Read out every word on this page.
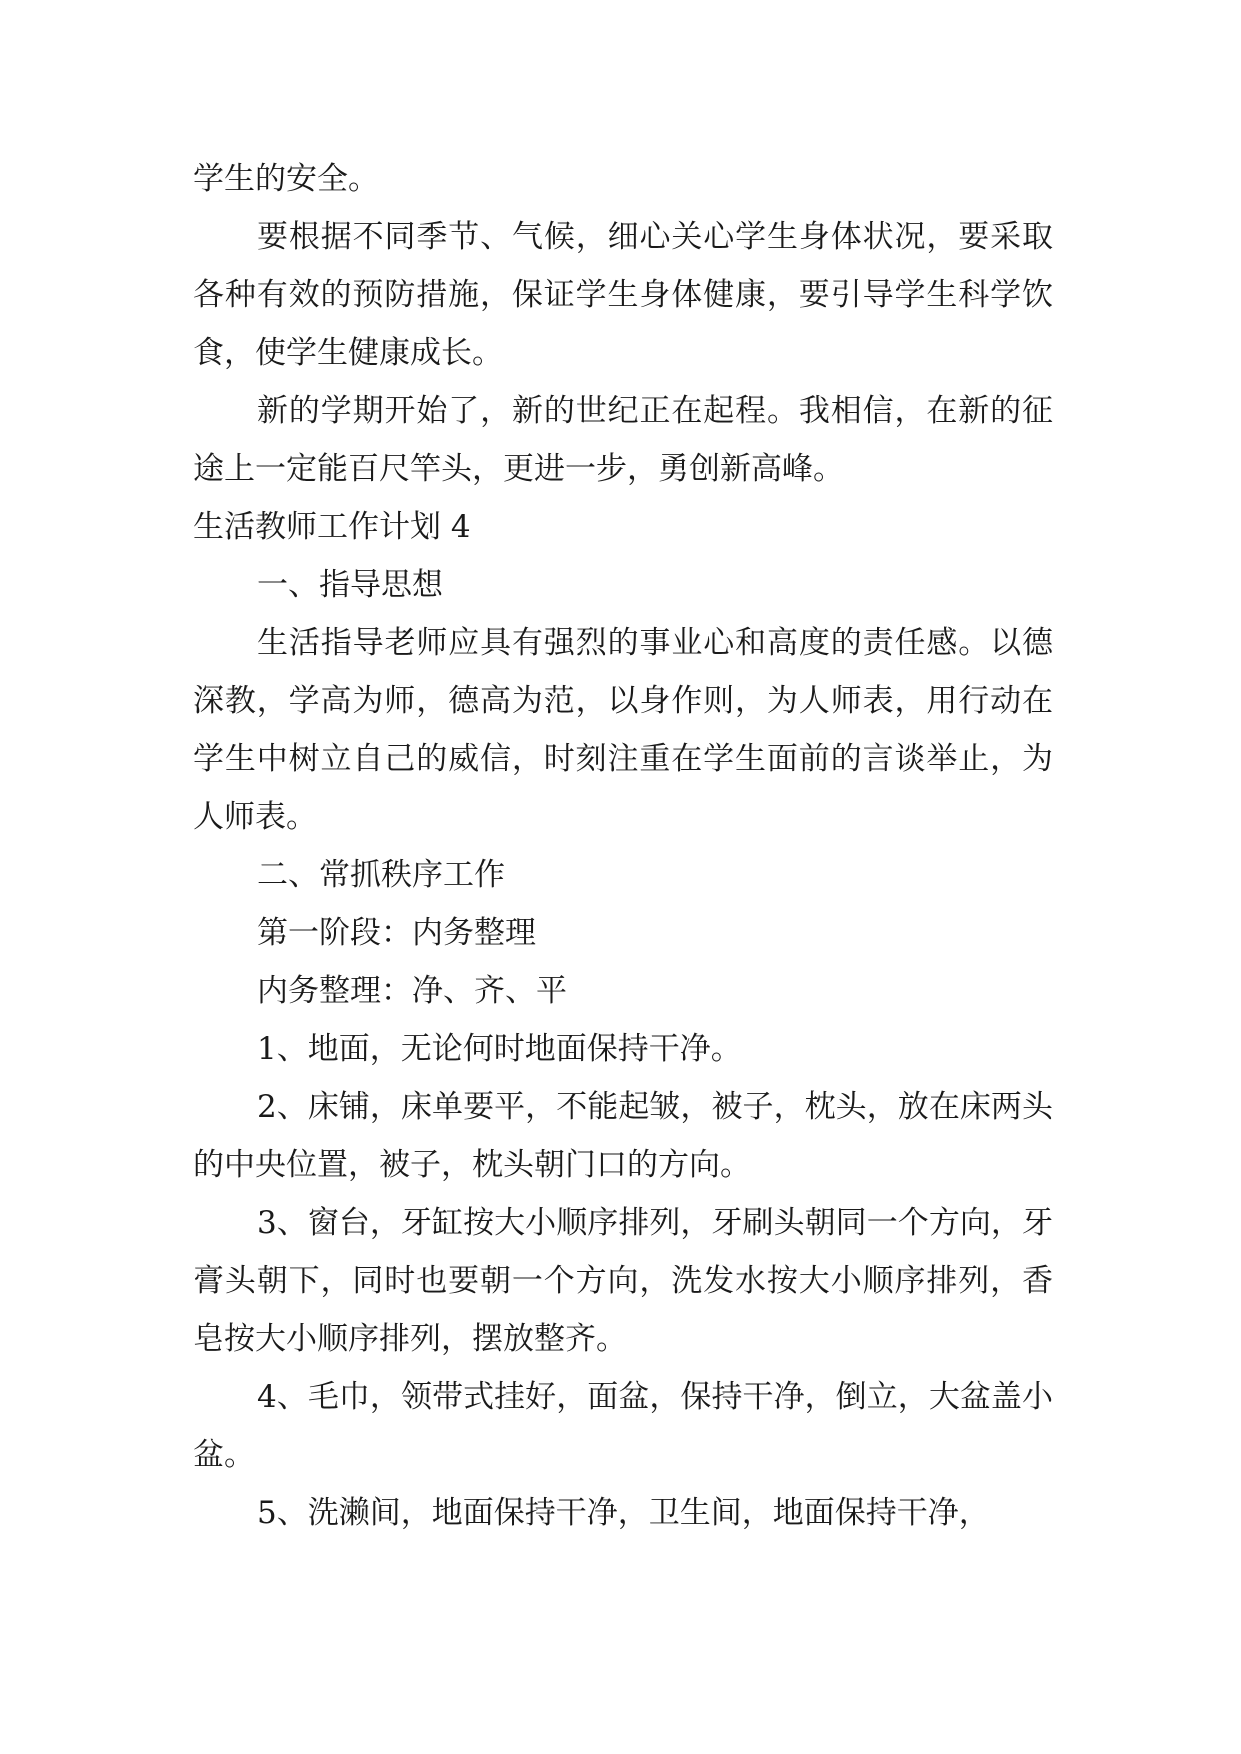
学生的安全。

要根据不同季节、气候，细心关心学生身体状况，要采取各种有效的预防措施，保证学生身体健康，要引导学生科学饮食，使学生健康成长。

新的学期开始了，新的世纪正在起程。我相信，在新的征途上一定能百尺竿头，更进一步，勇创新高峰。

生活教师工作计划 4

一、指导思想

生活指导老师应具有强烈的事业心和高度的责任感。以德深教，学高为师，德高为范，以身作则，为人师表，用行动在学生中树立自己的威信，时刻注重在学生面前的言谈举止，为人师表。

二、常抓秩序工作

第一阶段：内务整理

内务整理：净、齐、平

1、地面，无论何时地面保持干净。

2、床铺，床单要平，不能起皱，被子，枕头，放在床两头的中央位置，被子，枕头朝门口的方向。

3、窗台，牙缸按大小顺序排列，牙刷头朝同一个方向，牙膏头朝下，同时也要朝一个方向，洗发水按大小顺序排列，香皂按大小顺序排列，摆放整齐。

4、毛巾，领带式挂好，面盆，保持干净，倒立，大盆盖小盆。

5、洗濑间，地面保持干净，卫生间，地面保持干净，
